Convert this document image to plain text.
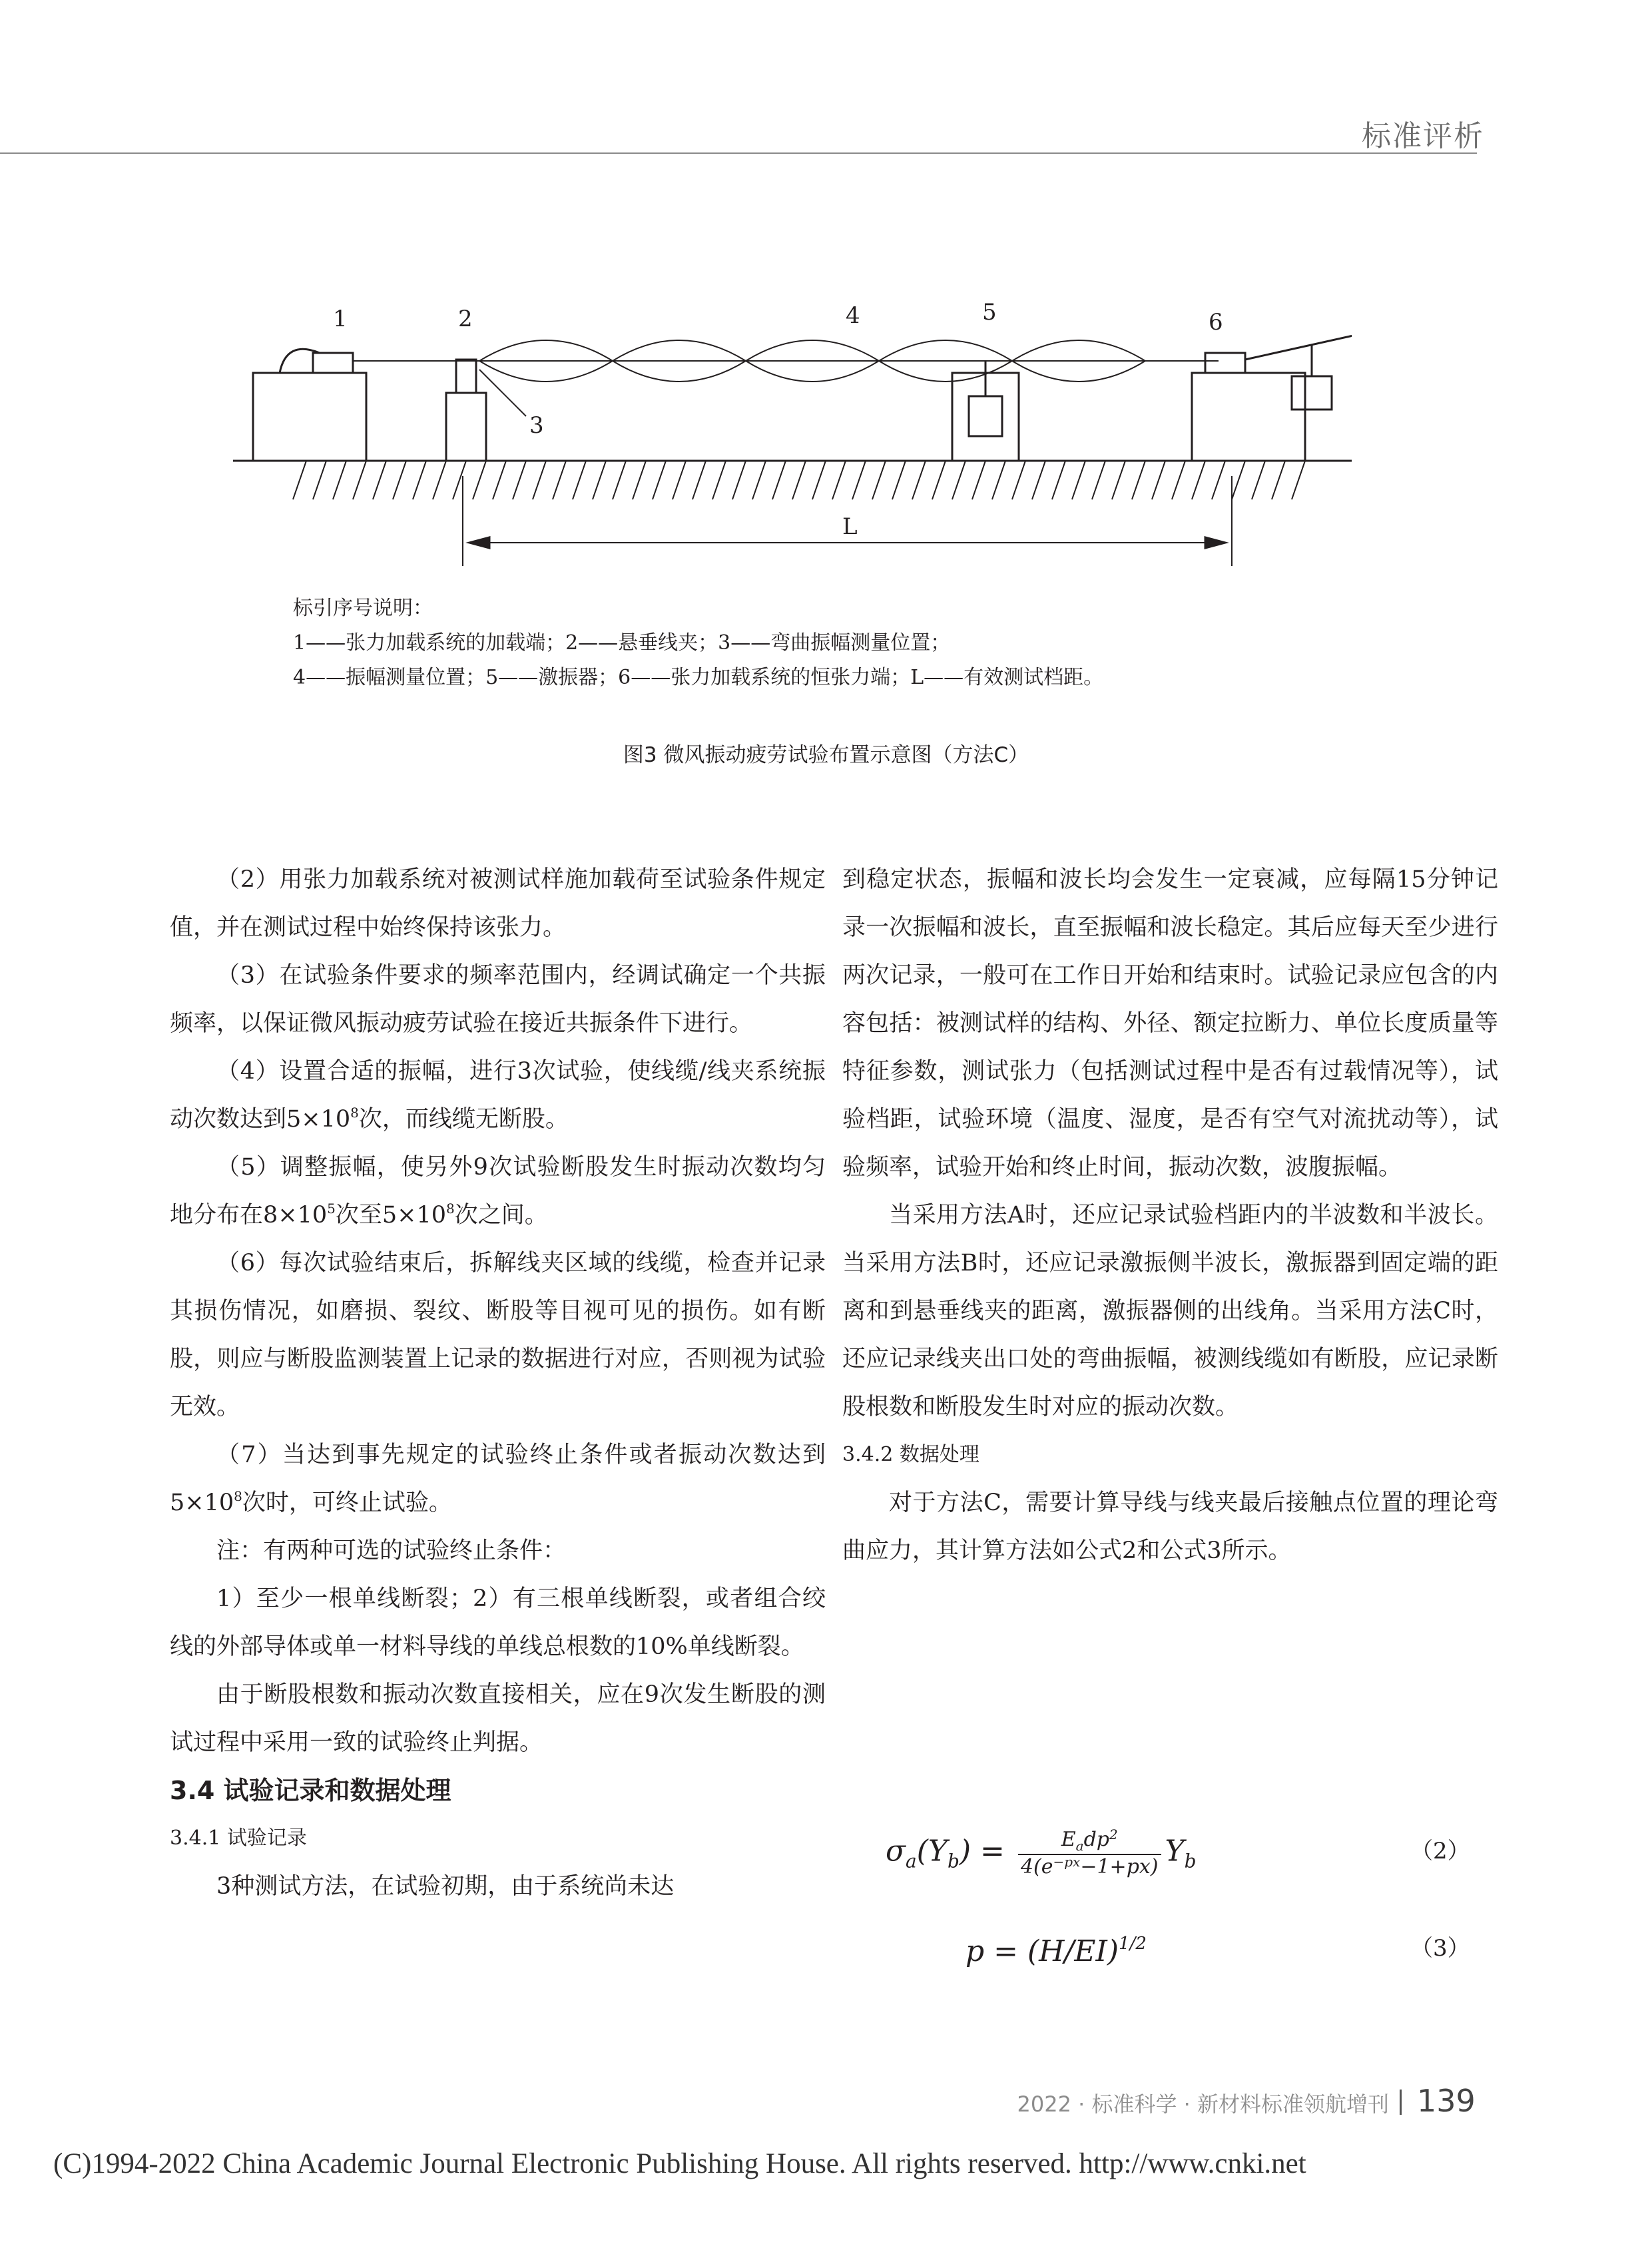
标准评析
1	2
3
4	5	6
L
标引序号说明：
1——张力加载系统的加载端；2——悬垂线夹；3——弯曲振幅测量位置；
4——振幅测量位置；5——激振器；6——张力加载系统的恒张力端；L——有效测试档距。
图3 微风振动疲劳试验布置示意图（方法C）

（2）用张力加载系统对被测试样施加载荷至试验条件规定值，并在测试过程中始终保持该张力。

（3）在试验条件要求的频率范围内，经调试确定一个共振频率，以保证微风振动疲劳试验在接近共振条件下进行。

（4）设置合适的振幅，进行3次试验，使线缆/线夹系统振动次数达到$5\times 10^8$次，而线缆无断股。

（5）调整振幅，使另外9次试验断股发生时振动次数均匀地分布在$8\times 10^5$次至$5\times 10^8$次之间。

（6）每次试验结束后，拆解线夹区域的线缆，检查并记录其损伤情况，如磨损、裂纹、断股等目视可见的损伤。如有断股，则应与断股监测装置上记录的数据进行对应，否则视为试验无效。

（7）当达到事先规定的试验终止条件或者振动次数达到$5\times 10^8$次时，可终止试验。

注：有两种可选的试验终止条件：

1）至少一根单线断裂；2）有三根单线断裂，或者组合绞线的外部导体或单一材料导线的单线总根数的10%单线断裂。

由于断股根数和振动次数直接相关，应在9次发生断股的测试过程中采用一致的试验终止判据。

3.4 试验记录和数据处理

3.4.1 试验记录

3种测试方法，在试验初期，由于系统尚未达

到稳定状态，振幅和波长均会发生一定衰减，应每隔15分钟记录一次振幅和波长，直至振幅和波长稳定。其后应每天至少进行两次记录，一般可在工作日开始和结束时。试验记录应包含的内容包括：被测试样的结构、外径、额定拉断力、单位长度质量等特征参数，测试张力（包括测试过程中是否有过载情况等），试验档距，试验环境（温度、湿度，是否有空气对流扰动等），试验频率，试验开始和终止时间，振动次数，波腹振幅。

当采用方法A时，还应记录试验档距内的半波数和半波长。当采用方法B时，还应记录激振侧半波长，激振器到固定端的距离和到悬垂线夹的距离，激振器侧的出线角。当采用方法C时，还应记录线夹出口处的弯曲振幅，被测线缆如有断股，应记录断股根数和断股发生时对应的振动次数。

3.4.2 数据处理

对于方法C，需要计算导线与线夹最后接触点位置的理论弯曲应力，其计算方法如公式2和公式3所示。

$\sigma_a(Y_b)$ =	$E_adp^2$
$4(e^{-px}-1+px)$ $Y_b$	（2）
$p = (H/EI)^{1/2}$	（3）
2022 · 标准科学 · 新材料标准领航增刊 139
(C)1994-2022 China Academic Journal Electronic Publishing House. All rights reserved. http://www.cnki.net
